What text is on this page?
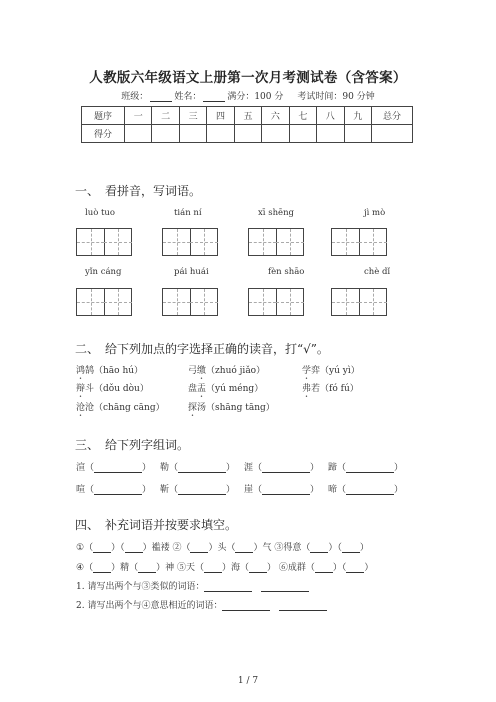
人教版六年级语文上册第一次月考测试卷（含答案）
班级：	姓名：	满分：100 分 考试时间：90 分钟
题序	一	二	三	四	五	六	七	八	九	总分
得分										
一、　看拼音，写词语。
luò tuo	tián ní	xī shēng	jì mò
yǐn cáng	pái huái	fèn shāo	chè dǐ
二、　给下列加点的字选择正确的读音，打“√”。
鸿鹄（hāo hú）	弓缴（zhuó jiǎo）	学弈（yú yì）
辩斗（dǒu dòu）	盘盂（yú méng）	弗若（fó fú）
沧沧（chāng cāng）	探汤（shāng tāng）
三、　给下列字组词。
渲（	） 勒（	） 涯（	） 蹄（	）
喧（	） 靳（	） 崖（	） 啼（	）
四、　补充词语并按要求填空。
①（ ）（ ）褴褛 ②（ ）头（ ）气 ③得意（ ）（ ）
④（ ）精（ ）神 ⑤天（ ）海（ ） ⑥成群（ ）（ ）
1. 请写出两个与③类似的词语：　
2. 请写出两个与④意思相近的词语：　
1 / 7
